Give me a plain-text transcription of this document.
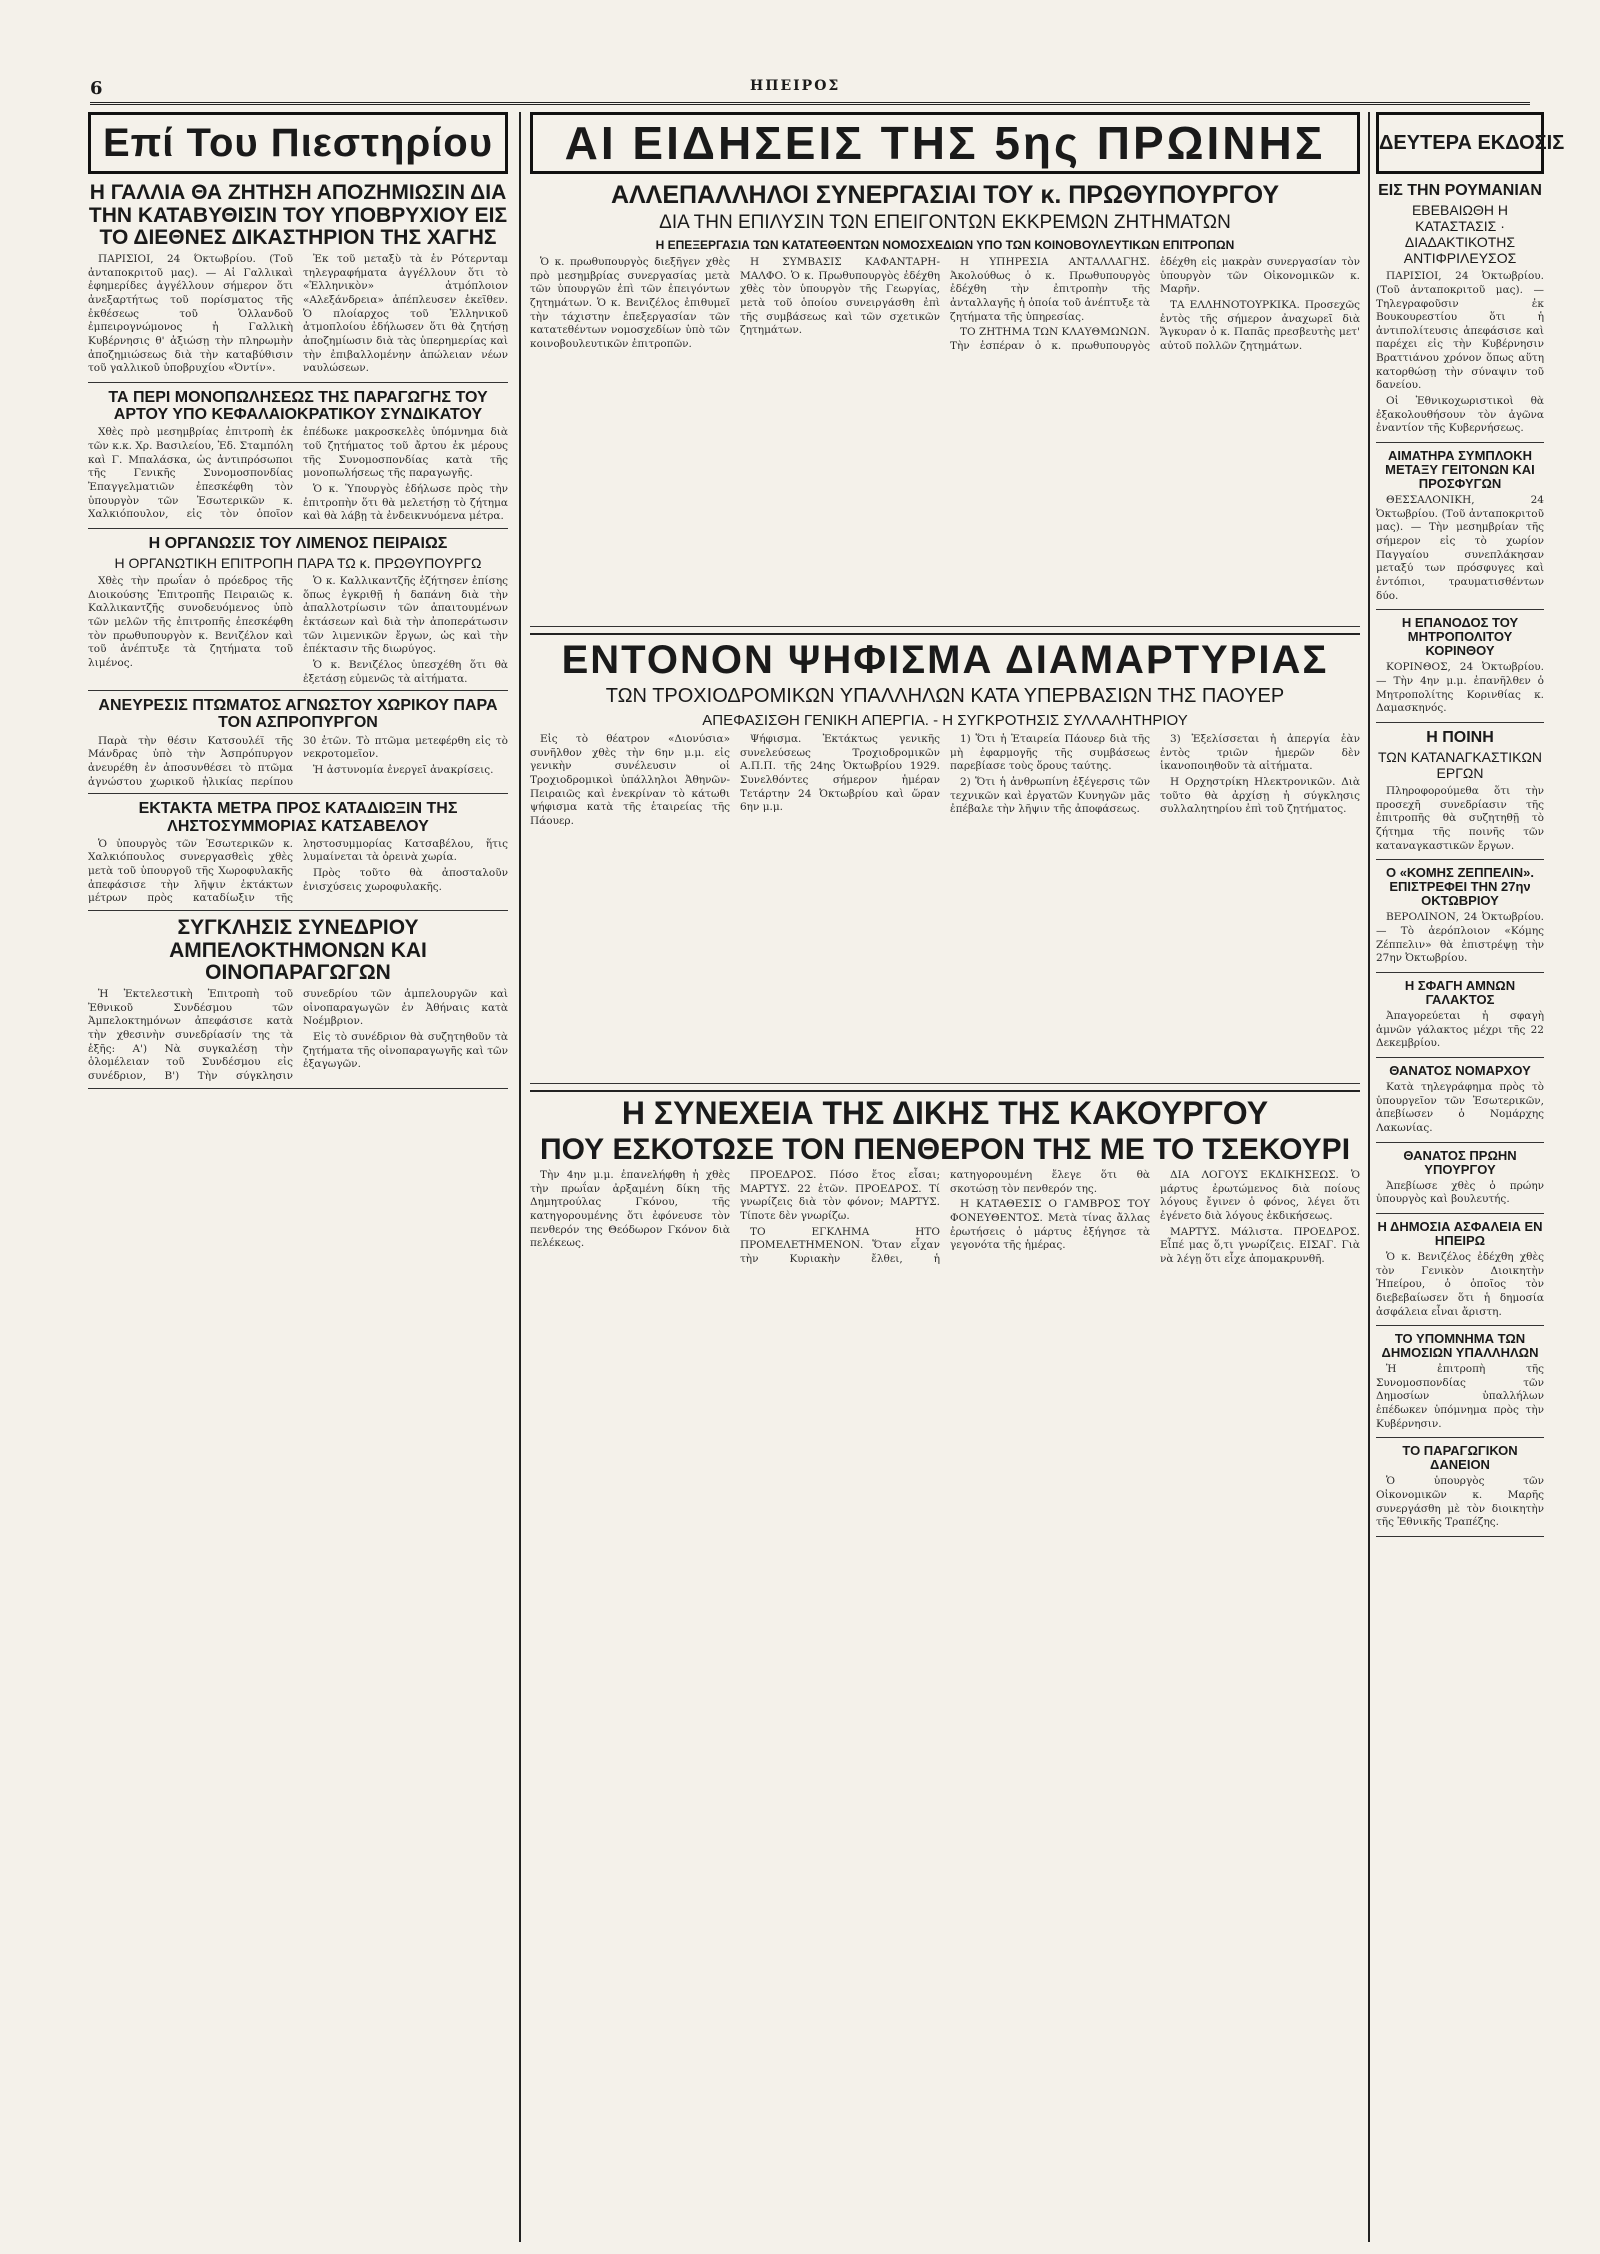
6	ΗΠΕΙΡΟΣ
Επί Του Πιεστηρίου
Η ΓΑΛΛΙΑ ΘΑ ΖΗΤΗΣΗ ΑΠΟΖΗΜΙΩΣΙΝ ΔΙΑ ΤΗΝ ΚΑΤΑΒΥΘΙΣΙΝ ΤΟΥ ΥΠΟΒΡΥΧΙΟΥ ΕΙΣ ΤΟ ΔΙΕΘΝΕΣ ΔΙΚΑΣΤΗΡΙΟΝ ΤΗΣ ΧΑΓΗΣ

ΠΑΡΙΣΙΟΙ, 24 Όκτωβρίου. (Τοῦ ἀνταποκριτοῦ μας). — Αἱ Γαλλικαὶ ἐφημερίδες ἀγγέλλουν σήμερον ὅτι ἀνεξαρτήτως τοῦ πορίσματος τῆς ἐκθέσεως τοῦ Ὁλλανδοῦ ἐμπειρογνώμονος ἡ Γαλλικὴ Κυβέρνησις θ' ἀξιώσῃ τὴν πληρωμὴν ἀποζημιώσεως διὰ τὴν καταβύθισιν τοῦ γαλλικοῦ ὑποβρυχίου «Ὀντίν».

Ἐκ τοῦ μεταξὺ τὰ ἐν Ρότερνταμ τηλεγραφήματα ἀγγέλλουν ὅτι τὸ «Ἑλληνικὸν» ἀτμόπλοιον «Αλεξάνδρεια» ἀπέπλευσεν ἐκεῖθεν. Ὁ πλοίαρχος τοῦ Ἑλληνικοῦ ἀτμοπλοίου ἐδήλωσεν ὅτι θὰ ζητήσῃ ἀποζημίωσιν διὰ τὰς ὑπερημερίας καὶ τὴν ἐπιβαλλομένην ἀπώλειαν νέων ναυλώσεων.

ΤΑ ΠΕΡΙ ΜΟΝΟΠΩΛΗΣΕΩΣ ΤΗΣ ΠΑΡΑΓΩΓΗΣ ΤΟΥ ΑΡΤΟΥ ΥΠΟ ΚΕΦΑΛΑΙΟΚΡΑΤΙΚΟΥ ΣΥΝΔΙΚΑΤΟΥ

Χθὲς πρὸ μεσημβρίας ἐπιτροπὴ ἐκ τῶν κ.κ. Χρ. Βασιλείου, Ἐδ. Σταμπόλη καὶ Γ. Μπαλάσκα, ὡς ἀντιπρόσωποι τῆς Γενικῆς Συνομοσπονδίας Ἐπαγγελματιῶν ἐπεσκέφθη τὸν ὑπουργὸν τῶν Ἐσωτερικῶν κ. Χαλκιόπουλον, εἰς τὸν ὁποῖον ἐπέδωκε μακροσκελὲς ὑπόμνημα διὰ τοῦ ζητήματος τοῦ ἄρτου ἐκ μέρους τῆς Συνομοσπονδίας κατὰ τῆς μονοπωλήσεως τῆς παραγωγῆς.

Ὁ κ. Ὑπουργὸς ἐδήλωσε πρὸς τὴν ἐπιτροπὴν ὅτι θὰ μελετήσῃ τὸ ζήτημα καὶ θὰ λάβῃ τὰ ἐνδεικνυόμενα μέτρα.

Η ΟΡΓΑΝΩΣΙΣ ΤΟΥ ΛΙΜΕΝΟΣ ΠΕΙΡΑΙΩΣ
Η ΟΡΓΑΝΩΤΙΚΗ ΕΠΙΤΡΟΠΗ ΠΑΡΑ ΤΩ κ. ΠΡΩΘΥΠΟΥΡΓΩ

Χθὲς τὴν πρωΐαν ὁ πρόεδρος τῆς Διοικούσης Ἐπιτροπῆς Πειραιῶς κ. Καλλικαντζῆς συνοδευόμενος ὑπὸ τῶν μελῶν τῆς ἐπιτροπῆς ἐπεσκέφθη τὸν πρωθυπουργὸν κ. Βενιζέλον καὶ τοῦ ἀνέπτυξε τὰ ζητήματα τοῦ λιμένος.

Ὁ κ. Καλλικαντζῆς ἐζήτησεν ἐπίσης ὅπως ἐγκριθῇ ἡ δαπάνη διὰ τὴν ἀπαλλοτρίωσιν τῶν ἀπαιτουμένων ἐκτάσεων καὶ διὰ τὴν ἀποπεράτωσιν τῶν λιμενικῶν ἔργων, ὡς καὶ τὴν ἐπέκτασιν τῆς διωρύγος.

Ὁ κ. Βενιζέλος ὑπεσχέθη ὅτι θὰ ἐξετάσῃ εὐμενῶς τὰ αἰτήματα.

ΑΝΕΥΡΕΣΙΣ ΠΤΩΜΑΤΟΣ ΑΓΝΩΣΤΟΥ ΧΩΡΙΚΟΥ ΠΑΡΑ ΤΟΝ ΑΣΠΡΟΠΥΡΓΟΝ

Παρὰ τὴν θέσιν Κατσουλέϊ τῆς Μάνδρας ὑπὸ τὴν Ἀσπρόπυργον ἀνευρέθη ἐν ἀποσυνθέσει τὸ πτῶμα ἀγνώστου χωρικοῦ ἡλικίας περίπου 30 ἐτῶν. Τὸ πτῶμα μετεφέρθη εἰς τὸ νεκροτομεῖον.

Ἡ ἀστυνομία ἐνεργεῖ ἀνακρίσεις.

ΕΚΤΑΚΤΑ ΜΕΤΡΑ ΠΡΟΣ ΚΑΤΑΔΙΩΞΙΝ ΤΗΣ ΛΗΣΤΟΣΥΜΜΟΡΙΑΣ ΚΑΤΣΑΒΕΛΟΥ

Ὁ ὑπουργὸς τῶν Ἐσωτερικῶν κ. Χαλκιόπουλος συνεργασθεὶς χθὲς μετὰ τοῦ ὑπουργοῦ τῆς Χωροφυλακῆς ἀπεφάσισε τὴν λῆψιν ἐκτάκτων μέτρων πρὸς καταδίωξιν τῆς ληστοσυμμορίας Κατσαβέλου, ἥτις λυμαίνεται τὰ ὀρεινὰ χωρία.

Πρὸς τοῦτο θὰ ἀποσταλοῦν ἐνισχύσεις χωροφυλακῆς.

ΣΥΓΚΛΗΣΙΣ ΣΥΝΕΔΡΙΟΥ ΑΜΠΕΛΟΚΤΗΜΟΝΩΝ ΚΑΙ ΟΙΝΟΠΑΡΑΓΩΓΩΝ

Ἡ Ἐκτελεστικὴ Ἐπιτροπὴ τοῦ Ἐθνικοῦ Συνδέσμου τῶν Ἀμπελοκτημόνων ἀπεφάσισε κατὰ τὴν χθεσινὴν συνεδρίασίν της τὰ ἑξῆς: Α') Νὰ συγκαλέσῃ τὴν ὁλομέλειαν τοῦ Συνδέσμου εἰς συνέδριον, B') Τὴν σύγκλησιν συνεδρίου τῶν ἀμπελουργῶν καὶ οἰνοπαραγωγῶν ἐν Ἀθήναις κατὰ Νοέμβριον.

Εἰς τὸ συνέδριον θὰ συζητηθοῦν τὰ ζητήματα τῆς οἰνοπαραγωγῆς καὶ τῶν ἐξαγωγῶν.

ΑΙ ΕΙΔΗΣΕΙΣ ΤΗΣ 5ης ΠΡΩΙΝΗΣ
ΑΛΛΕΠΑΛΛΗΛΟΙ ΣΥΝΕΡΓΑΣΙΑΙ ΤΟΥ κ. ΠΡΩΘΥΠΟΥΡΓΟΥ
ΔΙΑ ΤΗΝ ΕΠΙΛΥΣΙΝ ΤΩΝ ΕΠΕΙΓΟΝΤΩΝ ΕΚΚΡΕΜΩΝ ΖΗΤΗΜΑΤΩΝ
Η ΕΠΕΞΕΡΓΑΣΙΑ ΤΩΝ ΚΑΤΑΤΕΘΕΝΤΩΝ ΝΟΜΟΣΧΕΔΙΩΝ ΥΠΟ ΤΩΝ ΚΟΙΝΟΒΟΥΛΕΥΤΙΚΩΝ ΕΠΙΤΡΟΠΩΝ

Ὁ κ. πρωθυπουργὸς διεξῆγεν χθὲς πρὸ μεσημβρίας συνεργασίας μετὰ τῶν ὑπουργῶν ἐπὶ τῶν ἐπειγόντων ζητημάτων. Ὁ κ. Βενιζέλος ἐπιθυμεῖ τὴν τάχιστην ἐπεξεργασίαν τῶν κατατεθέντων νομοσχεδίων ὑπὸ τῶν κοινοβουλευτικῶν ἐπιτροπῶν.

Η ΣΥΜΒΑΣΙΣ ΚΑΦΑΝΤΑΡΗ-ΜΑΛΦΟ. Ὁ κ. Πρωθυπουργὸς ἐδέχθη χθὲς τὸν ὑπουργὸν τῆς Γεωργίας, μετὰ τοῦ ὁποίου συνειργάσθη ἐπὶ τῆς συμβάσεως καὶ τῶν σχετικῶν ζητημάτων.

Η ΥΠΗΡΕΣΙΑ ΑΝΤΑΛΛΑΓΗΣ. Ἀκολούθως ὁ κ. Πρωθυπουργὸς ἐδέχθη τὴν ἐπιτροπὴν τῆς ἀνταλλαγῆς ἡ ὁποία τοῦ ἀνέπτυξε τὰ ζητήματα τῆς ὑπηρεσίας.

ΤΟ ΖΗΤΗΜΑ ΤΩΝ ΚΛΑΥΘΜΩΝΩΝ. Τὴν ἑσπέραν ὁ κ. πρωθυπουργὸς ἐδέχθη εἰς μακρὰν συνεργασίαν τὸν ὑπουργὸν τῶν Οἰκονομικῶν κ. Μαρῆν.

ΤΑ ΕΛΛΗΝΟΤΟΥΡΚΙΚΑ. Προσεχῶς ἐντὸς τῆς σήμερον ἀναχωρεῖ διὰ Ἄγκυραν ὁ κ. Παπᾶς πρεσβευτὴς μετ' αὐτοῦ πολλῶν ζητημάτων.

ΕΝΤΟΝΟΝ ΨΗΦΙΣΜΑ ΔΙΑΜΑΡΤΥΡΙΑΣ
ΤΩΝ ΤΡΟΧΙΟΔΡΟΜΙΚΩΝ ΥΠΑΛΛΗΛΩΝ ΚΑΤΑ ΥΠΕΡΒΑΣΙΩΝ ΤΗΣ ΠΑΟΥΕΡ
ΑΠΕΦΑΣΙΣΘΗ ΓΕΝΙΚΗ ΑΠΕΡΓΙΑ. - Η ΣΥΓΚΡΟΤΗΣΙΣ ΣΥΛΛΑΛΗΤΗΡΙΟΥ

Εἰς τὸ θέατρον «Διονύσια» συνῆλθον χθὲς τὴν 6ην μ.μ. εἰς γενικὴν συνέλευσιν οἱ Τροχιοδρομικοὶ ὑπάλληλοι Ἀθηνῶν-Πειραιῶς καὶ ἐνεκρίναν τὸ κάτωθι ψήφισμα κατὰ τῆς ἑταιρείας τῆς Πάουερ.

Ψήφισμα. Ἐκτάκτως γενικῆς συνελεύσεως Τροχιοδρομικῶν Α.Π.Π. τῆς 24ης Ὀκτωβρίου 1929. Συνελθόντες σήμερον ἡμέραν Τετάρτην 24 Ὀκτωβρίου καὶ ὥραν 6ην μ.μ.

1) Ὅτι ἡ Ἑταιρεία Πάουερ διὰ τῆς μὴ ἐφαρμογῆς τῆς συμβάσεως παρεβίασε τοὺς ὅρους ταύτης.

2) Ὅτι ἡ ἀνθρωπίνη ἐξέγερσις τῶν τεχνικῶν καὶ ἐργατῶν Κυνηγῶν μᾶς ἐπέβαλε τὴν λῆψιν τῆς ἀποφάσεως.

3) Ἐξελίσσεται ἡ ἀπεργία ἐὰν ἐντὸς τριῶν ἡμερῶν δὲν ἱκανοποιηθοῦν τὰ αἰτήματα.

Η Ορχηστρίκη Ηλεκτρονικῶν. Διὰ τοῦτο θὰ ἀρχίσῃ ἡ σύγκλησις συλλαλητηρίου ἐπὶ τοῦ ζητήματος.

Η ΣΥΝΕΧΕΙΑ ΤΗΣ ΔΙΚΗΣ ΤΗΣ ΚΑΚΟΥΡΓΟΥ
ΠΟΥ ΕΣΚΟΤΩΣΕ ΤΟΝ ΠΕΝΘΕΡΟΝ ΤΗΣ ΜΕ ΤΟ ΤΣΕΚΟΥΡΙ

Τὴν 4ην μ.μ. ἐπανελήφθη ἡ χθὲς τὴν πρωΐαν ἀρξαμένη δίκη τῆς Δημητρούλας Γκόνου, τῆς κατηγορουμένης ὅτι ἐφόνευσε τὸν πενθερόν της Θεόδωρον Γκόνον διὰ πελέκεως.

ΠΡΟΕΔΡΟΣ. Πόσο ἔτος εἶσαι; ΜΑΡΤΥΣ. 22 ἐτῶν. ΠΡΟΕΔΡΟΣ. Τί γνωρίζεις διὰ τὸν φόνον; ΜΑΡΤΥΣ. Τίποτε δὲν γνωρίζω.

ΤΟ ΕΓΚΛΗΜΑ ΗΤΟ ΠΡΟΜΕΛΕΤΗΜΕΝΟΝ. Ὅταν εἶχαν τὴν Κυριακὴν ἔλθει, ἡ κατηγορουμένη ἔλεγε ὅτι θὰ σκοτώσῃ τὸν πενθερόν της.

Η ΚΑΤΑΘΕΣΙΣ Ο ΓΑΜΒΡΟΣ ΤΟΥ ΦΟΝΕΥΘΕΝΤΟΣ. Μετὰ τίνας ἄλλας ἐρωτήσεις ὁ μάρτυς ἐξήγησε τὰ γεγονότα τῆς ἡμέρας.

ΔΙΑ ΛΟΓΟΥΣ ΕΚΔΙΚΗΣΕΩΣ. Ὁ μάρτυς ἐρωτώμενος διὰ ποίους λόγους ἔγινεν ὁ φόνος, λέγει ὅτι ἐγένετο διὰ λόγους ἐκδικήσεως.

ΜΑΡΤΥΣ. Μάλιστα. ΠΡΟΕΔΡΟΣ. Εἶπέ μας ὅ,τι γνωρίζεις. ΕΙΣΑΓ. Γιὰ νὰ λέγῃ ὅτι εἶχε ἀπομακρυνθῆ.

ΔΕΥΤΕΡΑ ΕΚΔΟΣΙΣ
ΕΙΣ ΤΗΝ ΡΟΥΜΑΝΙΑΝ
ΕΒΕΒΑΙΩΘΗ Η ΚΑΤΑΣΤΑΣΙΣ · ΔΙΑΔΑΚΤΙΚΟΤΗΣ ΑΝΤΙΦΡΙΛΕΥΣΟΣ

ΠΑΡΙΣΙΟΙ, 24 Ὀκτωβρίου. (Τοῦ ἀνταποκριτοῦ μας). — Τηλεγραφοῦσιν ἐκ Βουκουρεστίου ὅτι ἡ ἀντιπολίτευσις ἀπεφάσισε καὶ παρέχει εἰς τὴν Κυβέρνησιν Βραττιάνου χρόνον ὅπως αὕτη κατορθώσῃ τὴν σύναψιν τοῦ δανείου.

Οἱ Ἐθνικοχωριστικοὶ θὰ ἐξακολουθήσουν τὸν ἀγῶνα ἐναντίον τῆς Κυβερνήσεως.

ΑΙΜΑΤΗΡΑ ΣΥΜΠΛΟΚΗ ΜΕΤΑΞΥ ΓΕΙΤΟΝΩΝ ΚΑΙ ΠΡΟΣΦΥΓΩΝ

ΘΕΣΣΑΛΟΝΙΚΗ, 24 Ὀκτωβρίου. (Τοῦ ἀνταποκριτοῦ μας). — Τὴν μεσημβρίαν τῆς σήμερον εἰς τὸ χωρίον Παγγαίου συνεπλάκησαν μεταξύ των πρόσφυγες καὶ ἐντόπιοι, τραυματισθέντων δύο.

Η ΕΠΑΝΟΔΟΣ ΤΟΥ ΜΗΤΡΟΠΟΛΙΤΟΥ ΚΟΡΙΝΘΟΥ

ΚΟΡΙΝΘΟΣ, 24 Ὀκτωβρίου. — Τὴν 4ην μ.μ. ἐπανῆλθεν ὁ Μητροπολίτης Κορινθίας κ. Δαμασκηνός.

Η ΠΟΙΝΗ
ΤΩΝ ΚΑΤΑΝΑΓΚΑΣΤΙΚΩΝ ΕΡΓΩΝ

Πληροφορούμεθα ὅτι τὴν προσεχῆ συνεδρίασιν τῆς ἐπιτροπῆς θὰ συζητηθῇ τὸ ζήτημα τῆς ποινῆς τῶν καταναγκαστικῶν ἔργων.

Ο «ΚΟΜΗΣ ΖΕΠΠΕΛΙΝ». ΕΠΙΣΤΡΕΦΕΙ ΤΗΝ 27ην ΟΚΤΩΒΡΙΟΥ

ΒΕΡΟΛΙΝΟΝ, 24 Ὀκτωβρίου. — Τὸ ἀερόπλοιον «Κόμης Ζέππελιν» θὰ ἐπιστρέψῃ τὴν 27ην Ὀκτωβρίου.

Η ΣΦΑΓΗ ΑΜΝΩΝ ΓΑΛΑΚΤΟΣ

Ἀπαγορεύεται ἡ σφαγὴ ἀμνῶν γάλακτος μέχρι τῆς 22 Δεκεμβρίου.

ΘΑΝΑΤΟΣ ΝΟΜΑΡΧΟΥ

Κατὰ τηλεγράφημα πρὸς τὸ ὑπουργεῖον τῶν Ἐσωτερικῶν, ἀπεβίωσεν ὁ Νομάρχης Λακωνίας.

ΘΑΝΑΤΟΣ ΠΡΩΗΝ ΥΠΟΥΡΓΟΥ

Ἀπεβίωσε χθὲς ὁ πρώην ὑπουργὸς καὶ βουλευτής.

Η ΔΗΜΟΣΙΑ ΑΣΦΑΛΕΙΑ ΕΝ ΗΠΕΙΡΩ

Ὁ κ. Βενιζέλος ἐδέχθη χθὲς τὸν Γενικὸν Διοικητὴν Ἠπείρου, ὁ ὁποῖος τὸν διεβεβαίωσεν ὅτι ἡ δημοσία ἀσφάλεια εἶναι ἄριστη.

ΤΟ ΥΠΟΜΝΗΜΑ ΤΩΝ ΔΗΜΟΣΙΩΝ ΥΠΑΛΛΗΛΩΝ

Ἡ ἐπιτροπὴ τῆς Συνομοσπονδίας τῶν Δημοσίων ὑπαλλήλων ἐπέδωκεν ὑπόμνημα πρὸς τὴν Κυβέρνησιν.

ΤΟ ΠΑΡΑΓΩΓΙΚΟΝ ΔΑΝΕΙΟΝ

Ὁ ὑπουργὸς τῶν Οἰκονομικῶν κ. Μαρῆς συνεργάσθη μὲ τὸν διοικητὴν τῆς Ἐθνικῆς Τραπέζης.
